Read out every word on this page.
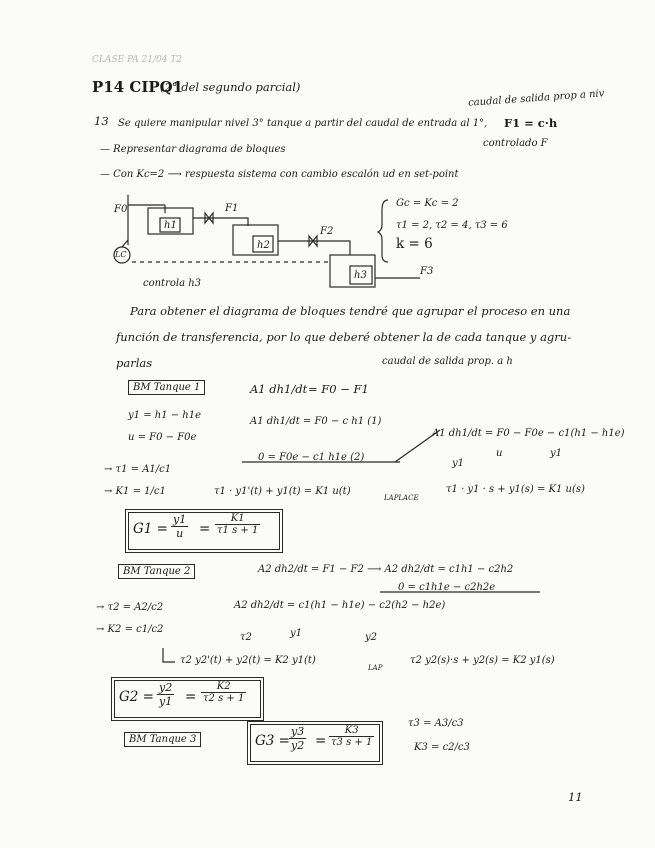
CLASE PA 21/04 T2
P14 CIPQ1
(2° del segundo parcial)
caudal de salida prop a niv
13 Se quiere manipular nivel 3° tanque a partir del caudal de entrada al 1°, F1 = c·h
controlado F
— Representar diagrama de bloques
— Con Kc=2 ⟶ respuesta sistema con cambio escalón ud en set-point
F0	F1
F2
F3
h1
h2
h3
LC
controla h3
Gc = Kc = 2
τ1 = 2, τ2 = 4, τ3 = 6
k = 6
Para obtener el diagrama de bloques tendré que agrupar el proceso en una
función de transferencia, por lo que deberé obtener la de cada tanque y agru-
parlas	caudal de salida prop. a h
BM Tanque 1	A1 dh1/dt = F0 − F1
y1 = h1 − h1e
u = F0 − F0e
A1 dh1/dt = F0 − c h1 (1)
0 = F0e − c1 h1e (2)
A1 dh1/dt = F0 − F0e − c1(h1 − h1e)
y1
u	y1
→ τ1 = A1/c1
→ K1 = 1/c1	τ1 · y1'(t) + y1(t) = K1 u(t)
LAPLACE
τ1 · y1 · s + y1(s) = K1 u(s)
$G1 = \frac{y1}{u} = \frac{K1}{\tau 1 s + 1}$
BM Tanque 2	A2 dh2/dt = F1 − F2 ⟶ A2 dh2/dt = c1h1 − c2h2
0 = c1h1e − c2h2e
→ τ2 = A2/c2
→ K2 = c1/c2
A2 dh2/dt = c1(h1 − h1e) − c2(h2 − h2e)
τ2	y1	y2
τ2 y2'(t) + y2(t) = K2 y1(t)
LAP
τ2 y2(s)·s + y2(s) = K2 y1(s)
$G2 = \frac{y2}{y1} = \frac{K2}{\tau 2 s + 1}$
BM Tanque 3	$G3 = \frac{y3}{y2} = \frac{K3}{\tau 3 s + 1}$
τ3 = A3/c3
K3 = c2/c3
11
